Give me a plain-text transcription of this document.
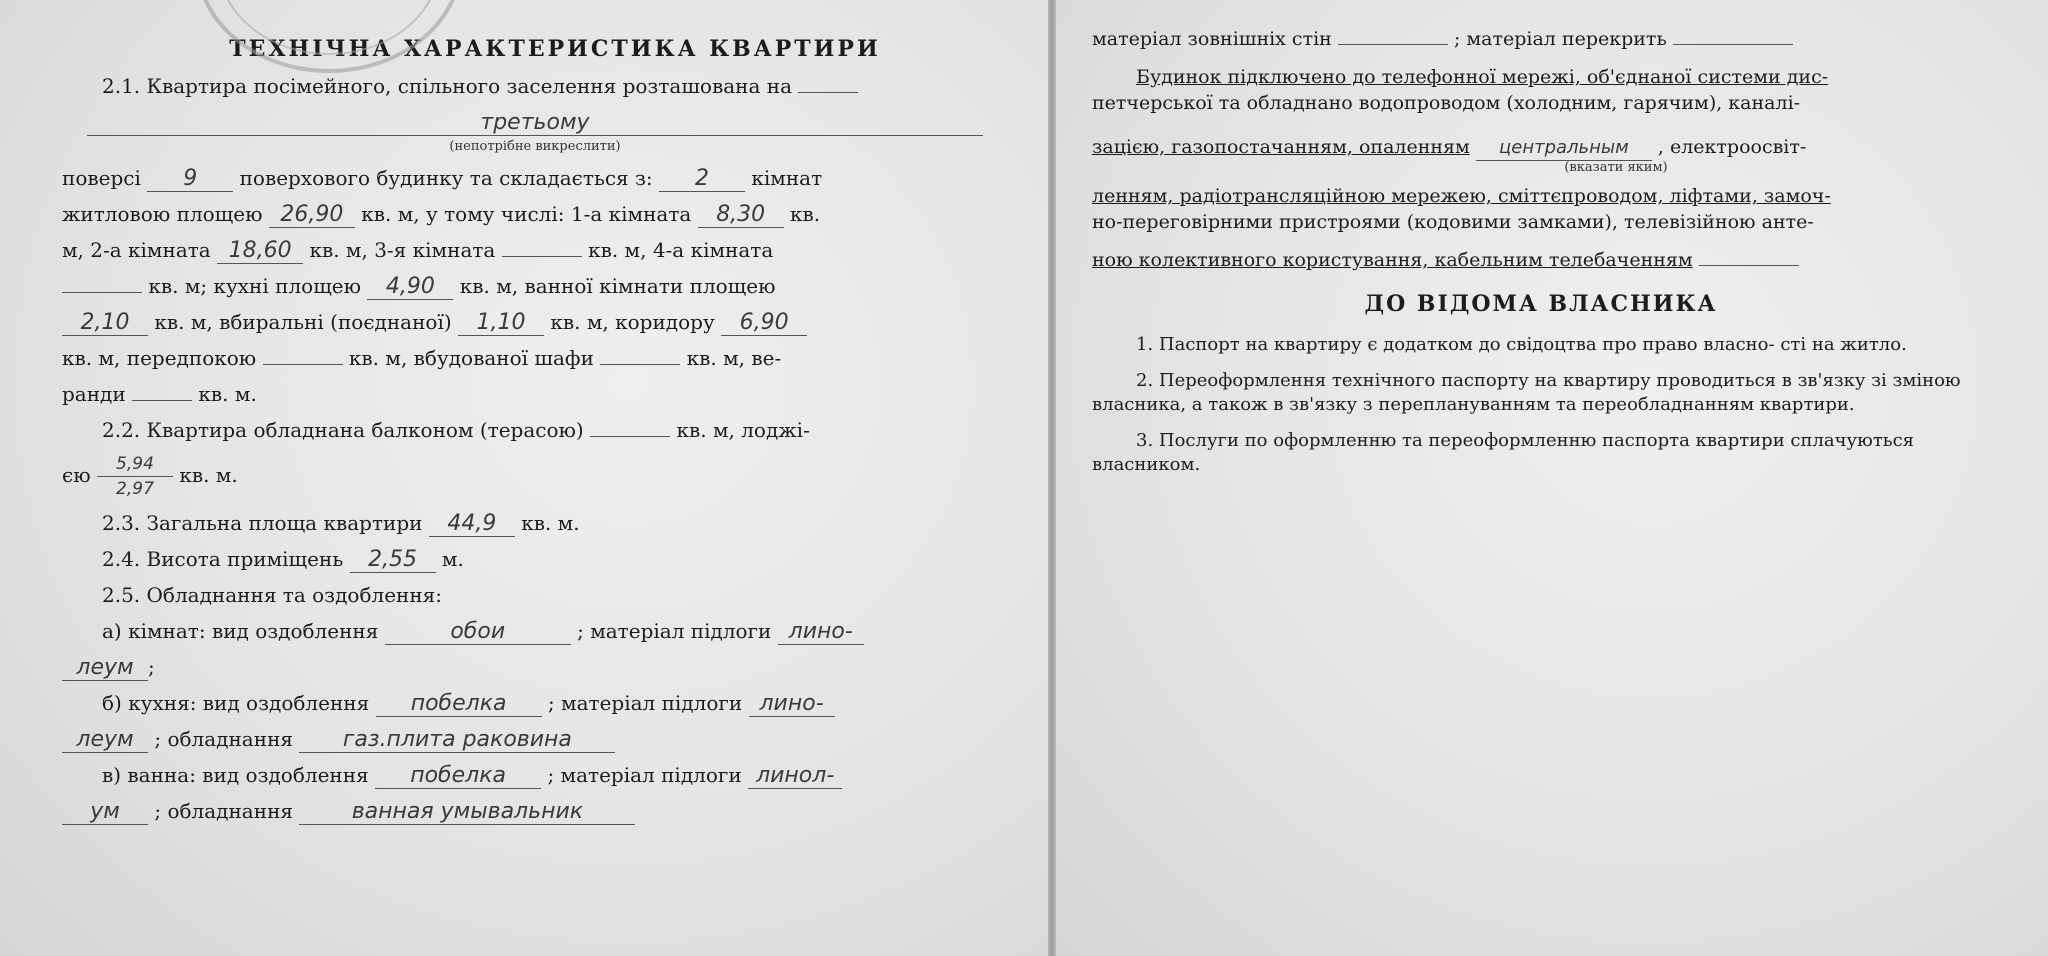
ТЕХНІЧНА ХАРАКТЕРИСТИКА КВАРТИРИ
2.1. Квартира посімейного, спільного заселення розташована на
третьому
(непотрібне викреслити)
поверсі 9 поверхового будинку та складається з: 2 кімнат
житловою площею 26,90 кв. м, у тому числі: 1-а кімната 8,30 кв.
м, 2-а кімната 18,60 кв. м, 3-я кімната	кв. м, 4-а кімната
кв. м; кухні площею 4,90 кв. м, ванної кімнати площею
2,10 кв. м, вбиральні (поєднаної) 1,10 кв. м, коридору 6,90
кв. м, передпокою	кв. м, вбудованої шафи	кв. м, ве-
ранди	кв. м.
2.2. Квартира обладнана балконом (терасою)	кв. м, лоджі-
єю $\frac{5,94}{2,97}$ кв. м.
2.3. Загальна площа квартири 44,9 кв. м.
2.4. Висота приміщень 2,55 м.
2.5. Обладнання та оздоблення:
а) кімнат: вид оздоблення	обои	; матеріал підлоги лино-
леум ;
б) кухня: вид оздоблення побелка ; матеріал підлоги лино-
леум ; обладнання газ.плита раковина
в) ванна: вид оздоблення побелка ; матеріал підлоги линол-
ум ; обладнання	ванная умывальник

матеріал зовнішніх стін	; матеріал перекрить

Будинок підключено до телефонної мережі, об'єднаної системи дис-

петчерської та обладнано водопроводом (холодним, гарячим), каналі-

зацією, газопостачанням, опаленням центральным , електроосвіт-

(вказати яким)

ленням, радіотрансляційною мережею, сміттєпроводом, ліфтами, замоч-

но-переговірними пристроями (кодовими замками), телевізійною анте-

ною колективного користування, кабельним телебаченням

ДО ВІДОМА ВЛАСНИКА

1. Паспорт на квартиру є додатком до свідоцтва про право власно- сті на житло.

2. Переоформлення технічного паспорту на квартиру проводиться в зв'язку зі зміною власника, а також в зв'язку з переплануванням та переобладнанням квартири.

3. Послуги по оформленню та переоформленню паспорта квартири сплачуються власником.
